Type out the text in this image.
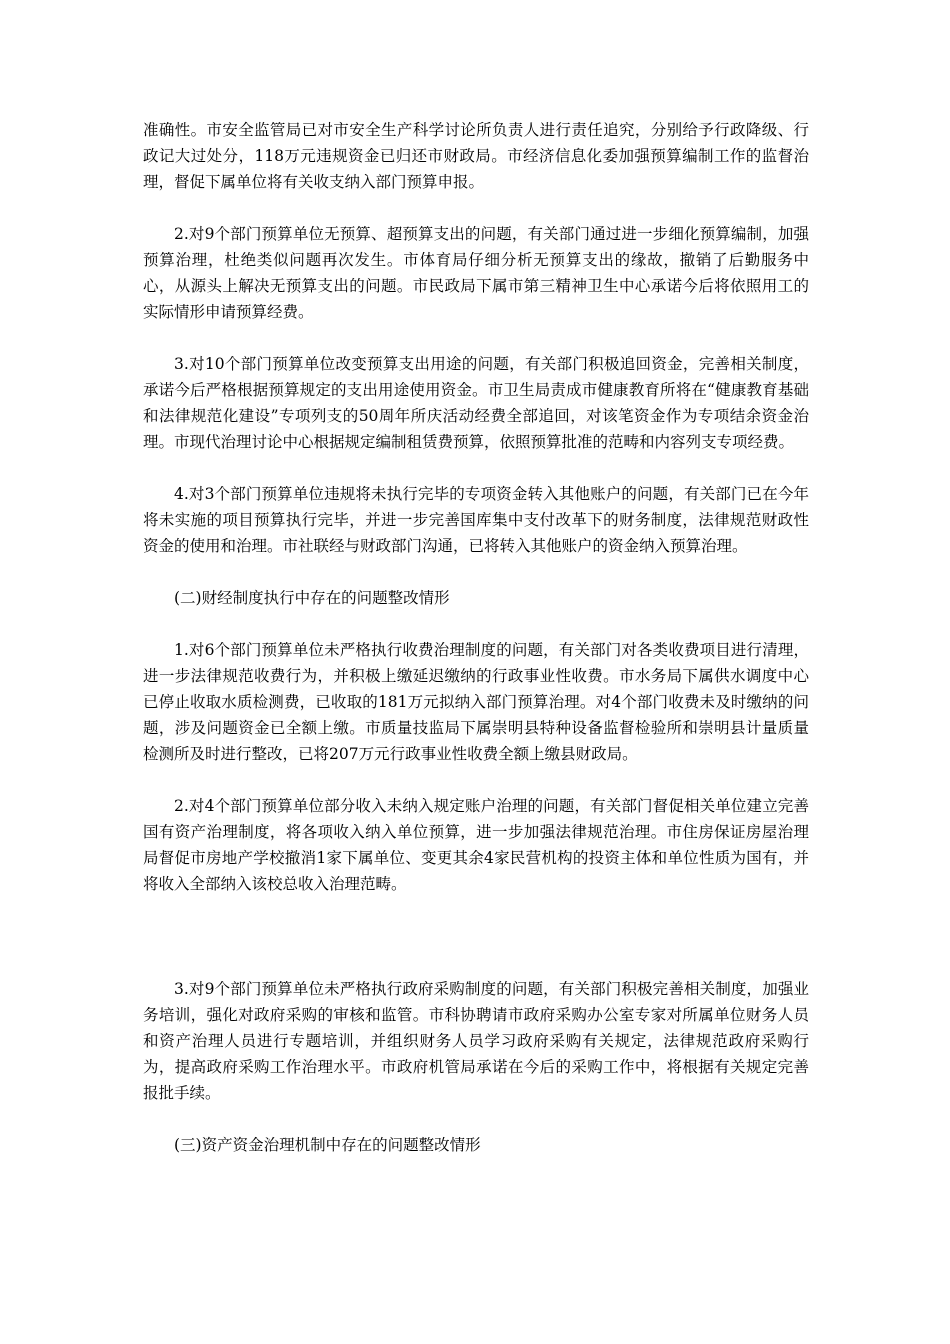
准确性。市安全监管局已对市安全生产科学讨论所负责人进行责任追究，分别给予行政降级、行政记大过处分，118万元违规资金已归还市财政局。市经济信息化委加强预算编制工作的监督治理，督促下属单位将有关收支纳入部门预算申报。

2.对9个部门预算单位无预算、超预算支出的问题，有关部门通过进一步细化预算编制，加强预算治理，杜绝类似问题再次发生。市体育局仔细分析无预算支出的缘故，撤销了后勤服务中心，从源头上解决无预算支出的问题。市民政局下属市第三精神卫生中心承诺今后将依照用工的实际情形申请预算经费。

3.对10个部门预算单位改变预算支出用途的问题，有关部门积极追回资金，完善相关制度，承诺今后严格根据预算规定的支出用途使用资金。市卫生局责成市健康教育所将在“健康教育基础和法律规范化建设”专项列支的50周年所庆活动经费全部追回，对该笔资金作为专项结余资金治理。市现代治理讨论中心根据规定编制租赁费预算，依照预算批准的范畴和内容列支专项经费。

4.对3个部门预算单位违规将未执行完毕的专项资金转入其他账户的问题，有关部门已在今年将未实施的项目预算执行完毕，并进一步完善国库集中支付改革下的财务制度，法律规范财政性资金的使用和治理。市社联经与财政部门沟通，已将转入其他账户的资金纳入预算治理。

(二)财经制度执行中存在的问题整改情形

1.对6个部门预算单位未严格执行收费治理制度的问题，有关部门对各类收费项目进行清理，进一步法律规范收费行为，并积极上缴延迟缴纳的行政事业性收费。市水务局下属供水调度中心已停止收取水质检测费，已收取的181万元拟纳入部门预算治理。对4个部门收费未及时缴纳的问题，涉及问题资金已全额上缴。市质量技监局下属崇明县特种设备监督检验所和崇明县计量质量检测所及时进行整改，已将207万元行政事业性收费全额上缴县财政局。

2.对4个部门预算单位部分收入未纳入规定账户治理的问题，有关部门督促相关单位建立完善国有资产治理制度，将各项收入纳入单位预算，进一步加强法律规范治理。市住房保证房屋治理局督促市房地产学校撤消1家下属单位、变更其余4家民营机构的投资主体和单位性质为国有，并将收入全部纳入该校总收入治理范畴。

3.对9个部门预算单位未严格执行政府采购制度的问题，有关部门积极完善相关制度，加强业务培训，强化对政府采购的审核和监管。市科协聘请市政府采购办公室专家对所属单位财务人员和资产治理人员进行专题培训，并组织财务人员学习政府采购有关规定，法律规范政府采购行为，提高政府采购工作治理水平。市政府机管局承诺在今后的采购工作中，将根据有关规定完善报批手续。

(三)资产资金治理机制中存在的问题整改情形
